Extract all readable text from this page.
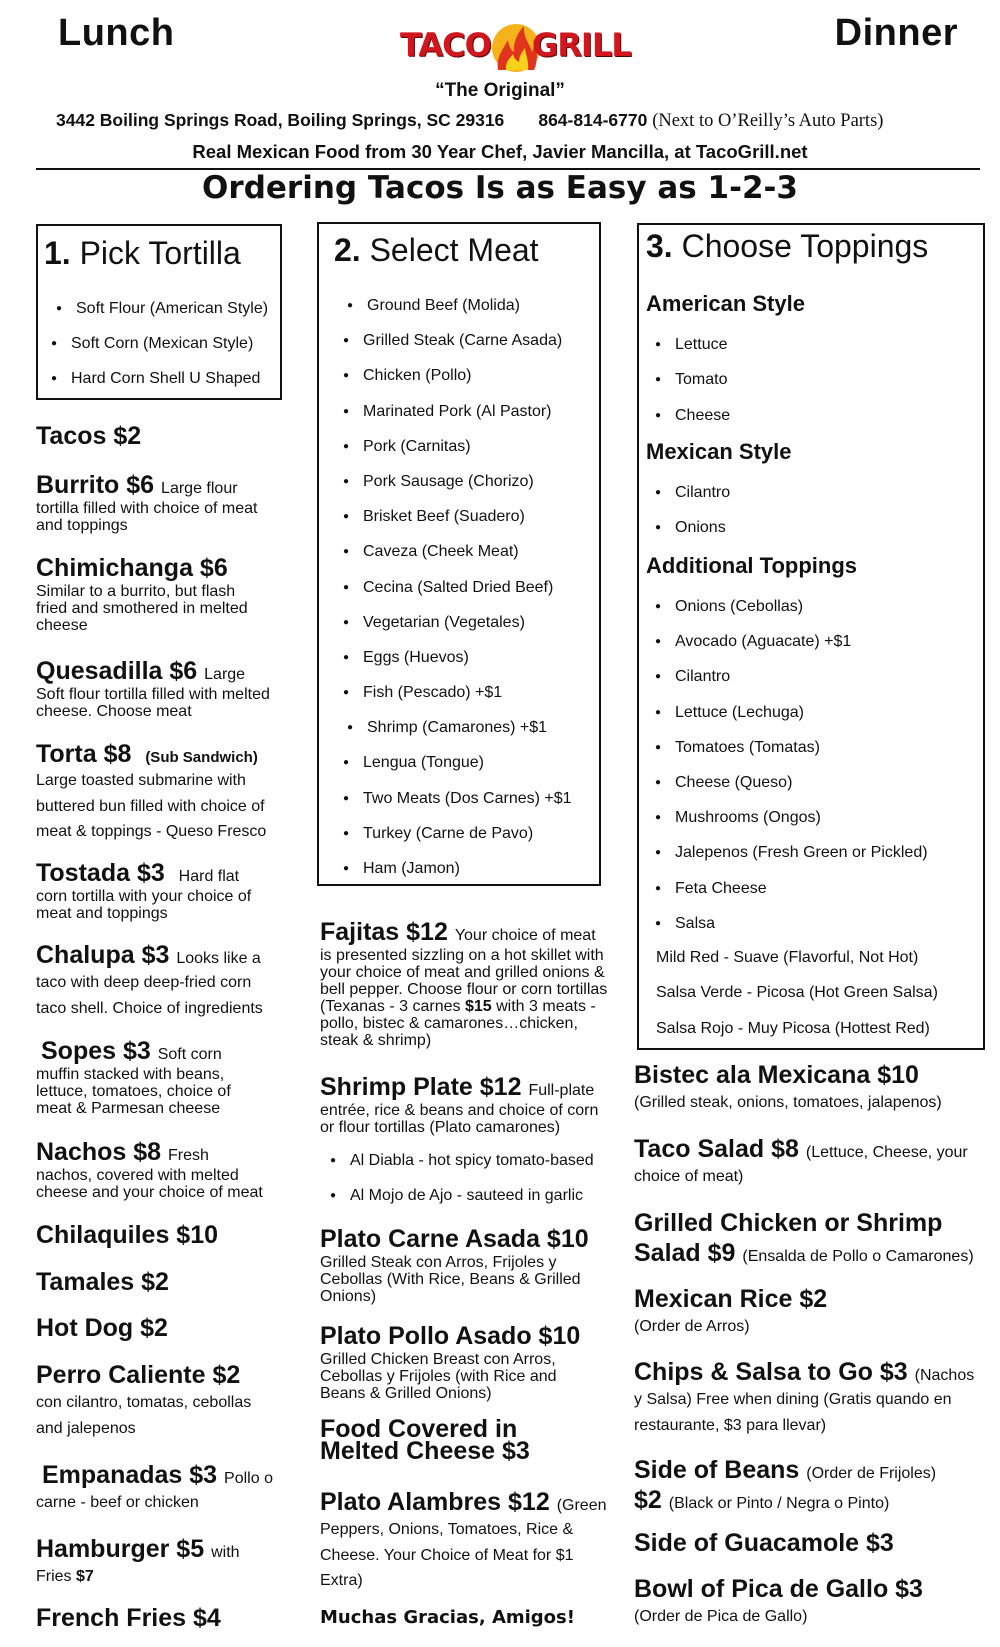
Lunch	Dinner
TACO GRILL
“The Original”
3442 Boiling Springs Road, Boiling Springs, SC 29316 864-814-6770 (Next to O’Reilly’s Auto Parts)
Real Mexican Food from 30 Year Chef, Javier Mancilla, at TacoGrill.net
Ordering Tacos Is as Easy as 1-2-3
1. Pick Tortilla
● Soft Flour (American Style)
● Soft Corn (Mexican Style)
● Hard Corn Shell U Shaped
2. Select Meat
● Ground Beef (Molida)
● Grilled Steak (Carne Asada)
● Chicken (Pollo)
● Marinated Pork (Al Pastor)
● Pork (Carnitas)
● Pork Sausage (Chorizo)
● Brisket Beef (Suadero)
● Caveza (Cheek Meat)
● Cecina (Salted Dried Beef)
● Vegetarian (Vegetales)
● Eggs (Huevos)
● Fish (Pescado) +$1
● Shrimp (Camarones) +$1
● Lengua (Tongue)
● Two Meats (Dos Carnes) +$1
● Turkey (Carne de Pavo)
● Ham (Jamon)
3. Choose Toppings
American Style
● Lettuce
● Tomato
● Cheese
Mexican Style
● Cilantro
● Onions
Additional Toppings
● Onions (Cebollas)
● Avocado (Aguacate) +$1
● Cilantro
● Lettuce (Lechuga)
● Tomatoes (Tomatas)
● Cheese (Queso)
● Mushrooms (Ongos)
● Jalepenos (Fresh Green or Pickled)
● Feta Cheese
● Salsa
Mild Red - Suave (Flavorful, Not Hot)
Salsa Verde - Picosa (Hot Green Salsa)
Salsa Rojo - Muy Picosa (Hottest Red)
Tacos $2
Burrito $6 Large flour
tortilla filled with choice of meat and toppings
Chimichanga $6
Similar to a burrito, but flash fried and smothered in melted cheese
Quesadilla $6 Large
Soft flour tortilla filled with melted cheese. Choose meat
Torta $8 (Sub Sandwich)
Large toasted submarine with buttered bun filled with choice of meat & toppings - Queso Fresco
Tostada $3 Hard flat
corn tortilla with your choice of meat and toppings
Chalupa $3 Looks like a
taco with deep deep-fried corn taco shell. Choice of ingredients
Sopes $3 Soft corn
muffin stacked with beans, lettuce, tomatoes, choice of meat & Parmesan cheese
Nachos $8 Fresh
nachos, covered with melted cheese and your choice of meat
Chilaquiles $10
Tamales $2
Hot Dog $2
Perro Caliente $2
con cilantro, tomatas, cebollas and jalepenos
Empanadas $3 Pollo o
carne - beef or chicken
Hamburger $5 with
Fries $7
French Fries $4
Fajitas $12 Your choice of meat
is presented sizzling on a hot skillet with your choice of meat and grilled onions & bell pepper. Choose flour or corn tortillas (Texanas - 3 carnes $15 with 3 meats - pollo, bistec & camarones…chicken, steak & shrimp)
Shrimp Plate $12 Full-plate
entrée, rice & beans and choice of corn or flour tortillas (Plato camarones)
● Al Diabla - hot spicy tomato-based
● Al Mojo de Ajo - sauteed in garlic
Plato Carne Asada $10
Grilled Steak con Arros, Frijoles y Cebollas (With Rice, Beans & Grilled Onions)
Plato Pollo Asado $10
Grilled Chicken Breast con Arros, Cebollas y Frijoles (with Rice and Beans & Grilled Onions)
Food Covered in
Melted Cheese $3
Plato Alambres $12 (Green
Peppers, Onions, Tomatoes, Rice & Cheese. Your Choice of Meat for $1 Extra)
Muchas Gracias, Amigos!
Bistec ala Mexicana $10
(Grilled steak, onions, tomatoes, jalapenos)
Taco Salad $8 (Lettuce, Cheese, your
choice of meat)
Grilled Chicken or Shrimp
Salad $9 (Ensalda de Pollo o Camarones)
Mexican Rice $2
(Order de Arros)
Chips & Salsa to Go $3 (Nachos
y Salsa) Free when dining (Gratis quando en restaurante, $3 para llevar)
Side of Beans (Order de Frijoles)
$2 (Black or Pinto / Negra o Pinto)
Side of Guacamole $3
Bowl of Pica de Gallo $3
(Order de Pica de Gallo)
